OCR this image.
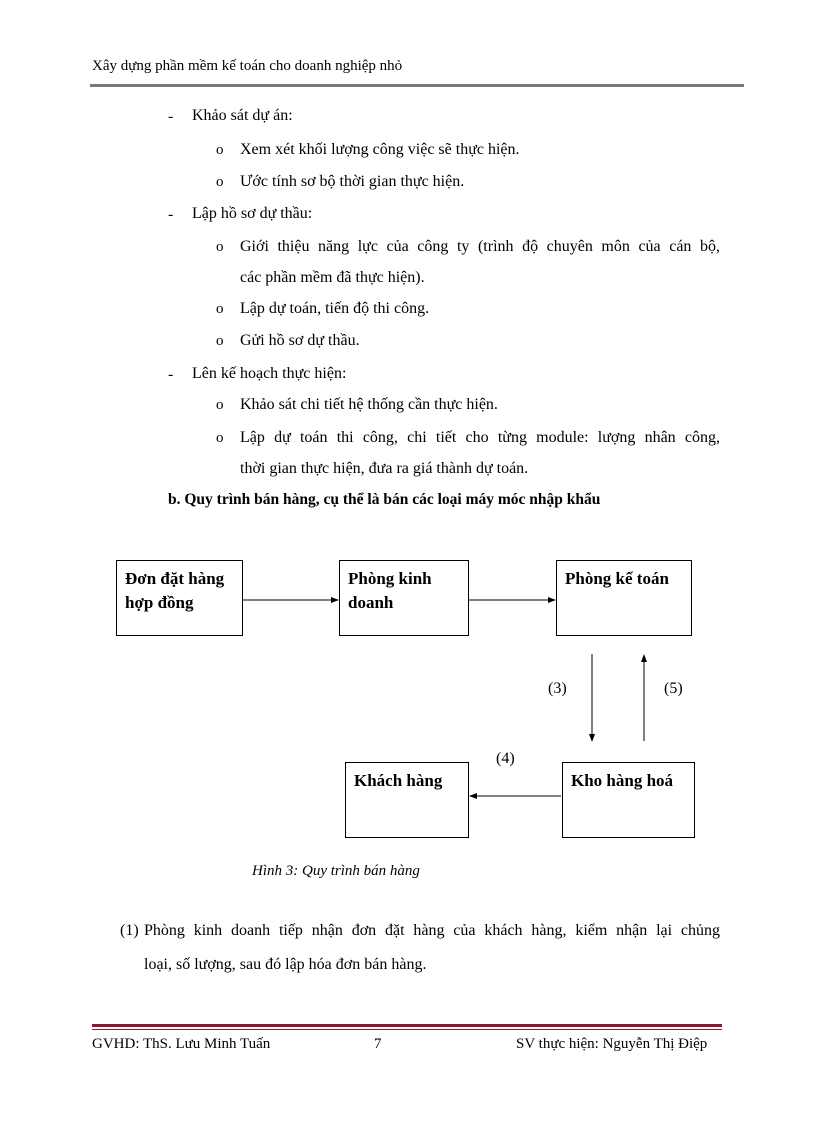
Xây dựng phần mềm kế toán cho doanh nghiệp nhỏ
- Khảo sát dự án:
o Xem xét khối lượng công việc sẽ thực hiện.
o Ước tính sơ bộ thời gian thực hiện.
- Lập hồ sơ dự thầu:
o Giới thiệu năng lực của công ty (trình độ chuyên môn của cán bộ,
các phần mềm đã thực hiện).
o Lập dự toán, tiến độ thi công.
o Gửi hồ sơ dự thầu.
- Lên kế hoạch thực hiện:
o Khảo sát chi tiết hệ thống cần thực hiện.
o Lập dự toán thi công, chi tiết cho từng module: lượng nhân công,
thời gian thực hiện, đưa ra giá thành dự toán.
b. Quy trình bán hàng, cụ thể là bán các loại máy móc nhập khẩu
Đơn đặt hàng
hợp đồng
Phòng kinh
doanh
Phòng kế toán
Khách hàng	Kho hàng hoá
(3)
(4)
(5)
Hình 3: Quy trình bán hàng
(1) Phòng kinh doanh tiếp nhận đơn đặt hàng của khách hàng, kiểm nhận lại chủng
loại, số lượng, sau đó lập hóa đơn bán hàng.
GVHD: ThS. Lưu Minh Tuấn	7	SV thực hiện: Nguyễn Thị Điệp
